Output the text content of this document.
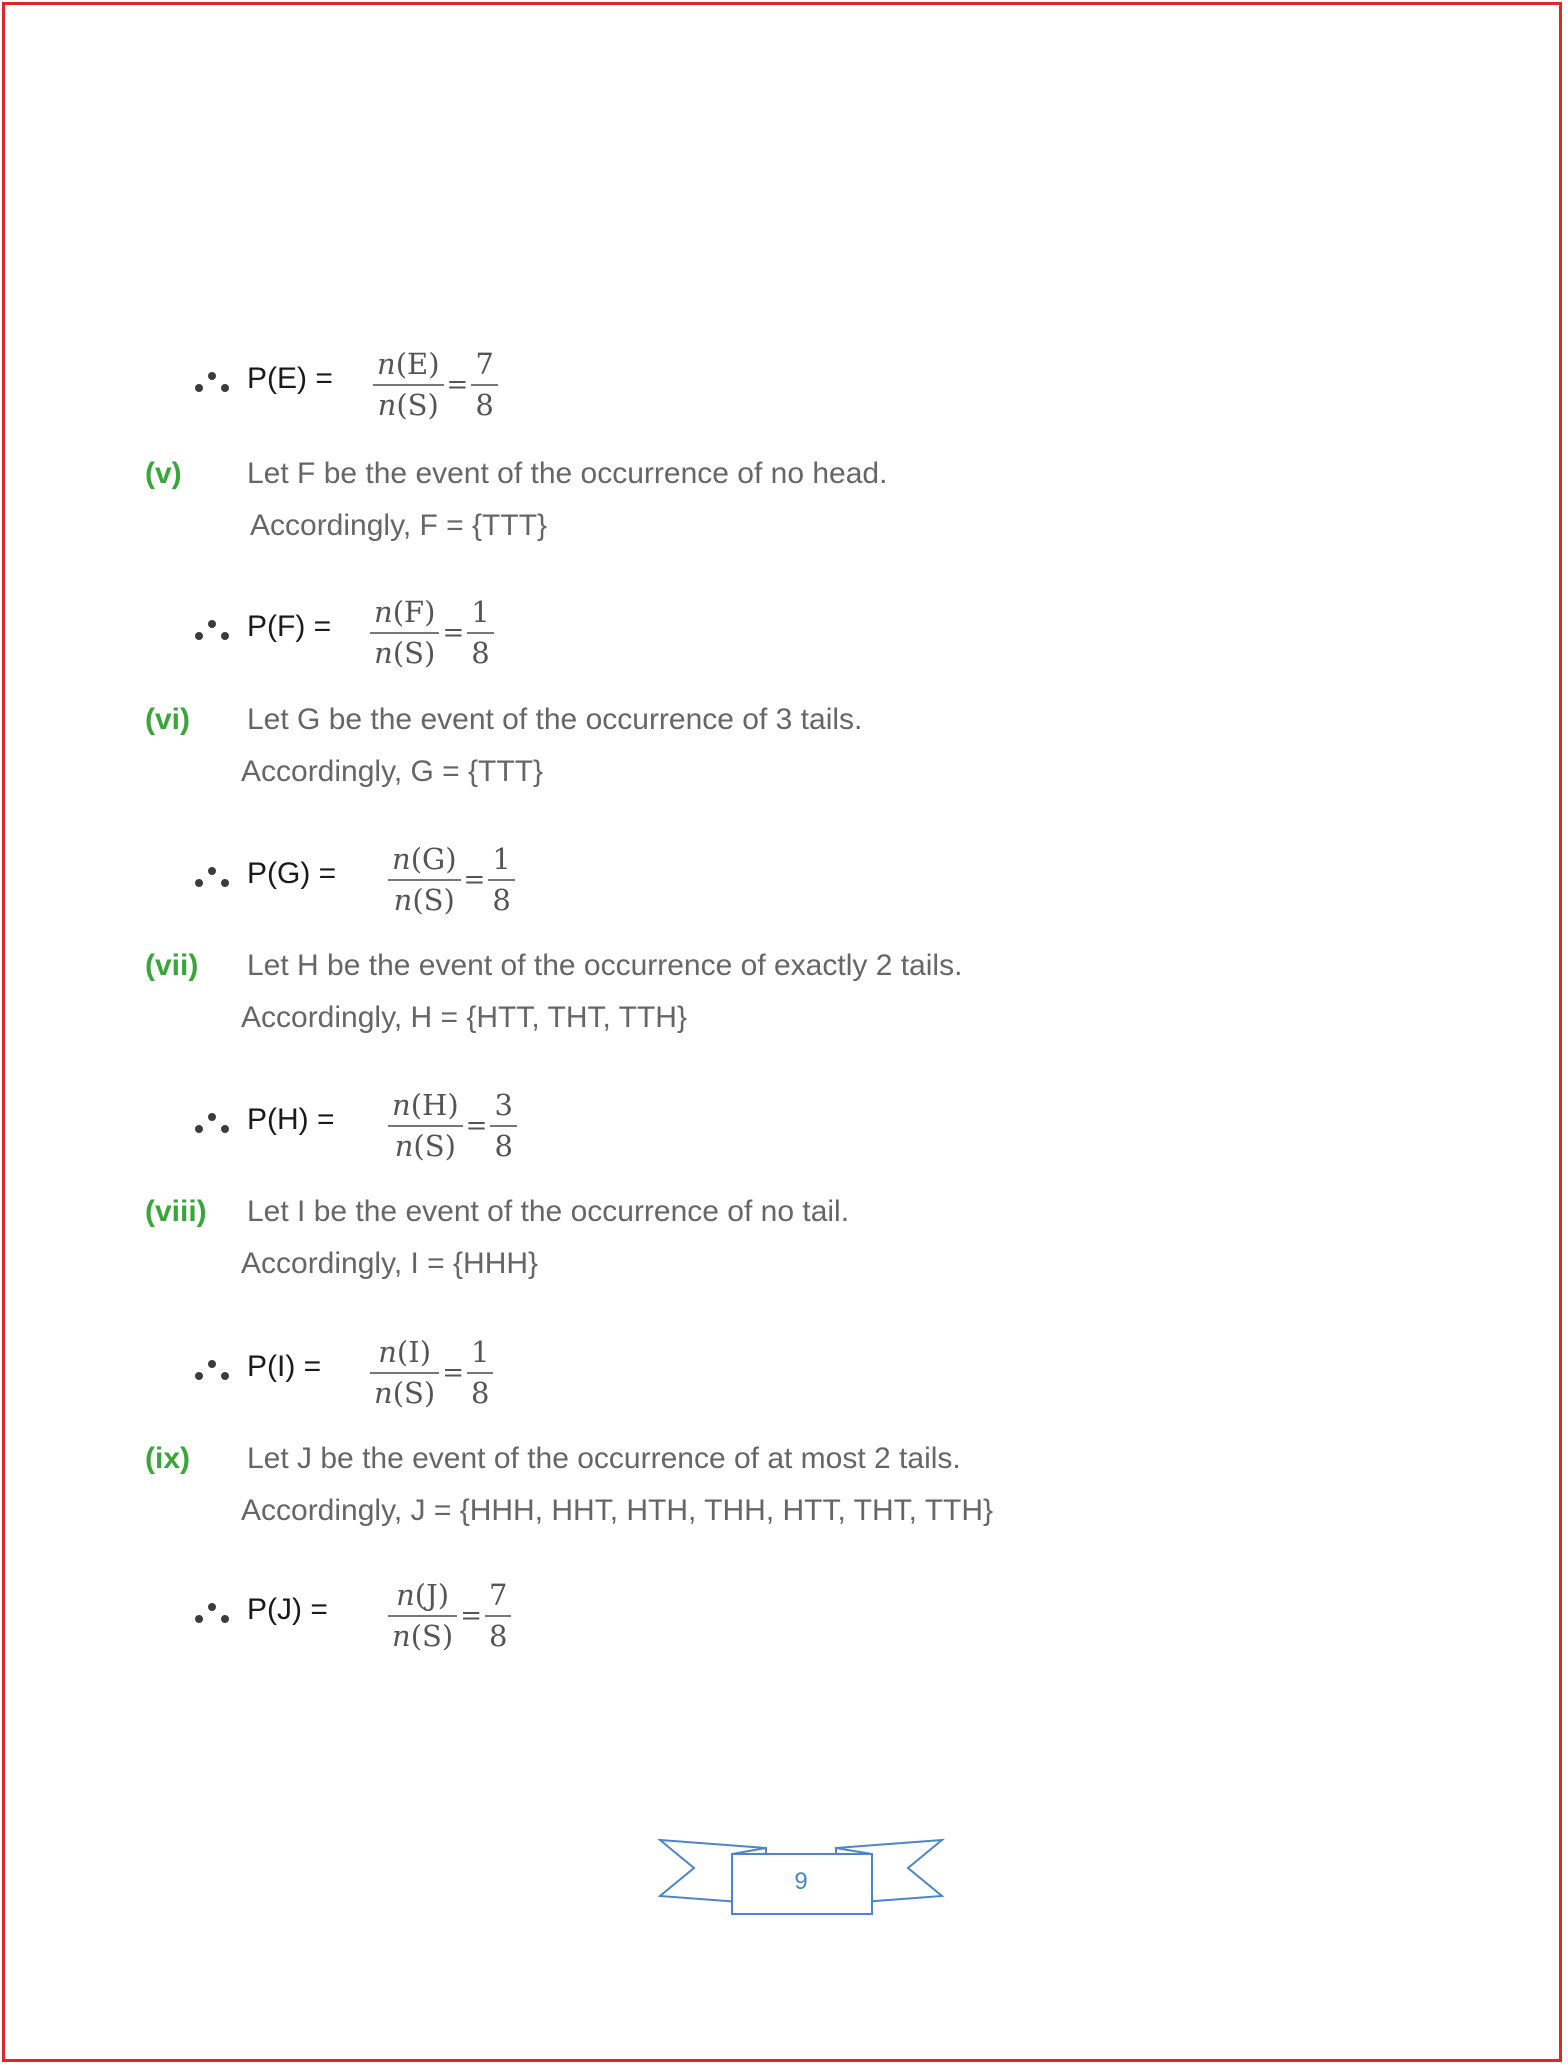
$P(E) = \frac{n(E)}{n(S)} = \frac{7}{8}$
(v) Let F be the event of the occurrence of no head.
Accordingly, F = {TTT}
$P(F) = \frac{n(F)}{n(S)} = \frac{1}{8}$
(vi) Let G be the event of the occurrence of 3 tails.
Accordingly, G = {TTT}
$P(G) = \frac{n(G)}{n(S)} = \frac{1}{8}$
(vii) Let H be the event of the occurrence of exactly 2 tails.
Accordingly, H = {HTT, THT, TTH}
$P(H) = \frac{n(H)}{n(S)} = \frac{3}{8}$
(viii) Let I be the event of the occurrence of no tail.
Accordingly, I = {HHH}
$P(I) = \frac{n(I)}{n(S)} = \frac{1}{8}$
(ix) Let J be the event of the occurrence of at most 2 tails.
Accordingly, J = {HHH, HHT, HTH, THH, HTT, THT, TTH}
$P(J) = \frac{n(J)}{n(S)} = \frac{7}{8}$
9
